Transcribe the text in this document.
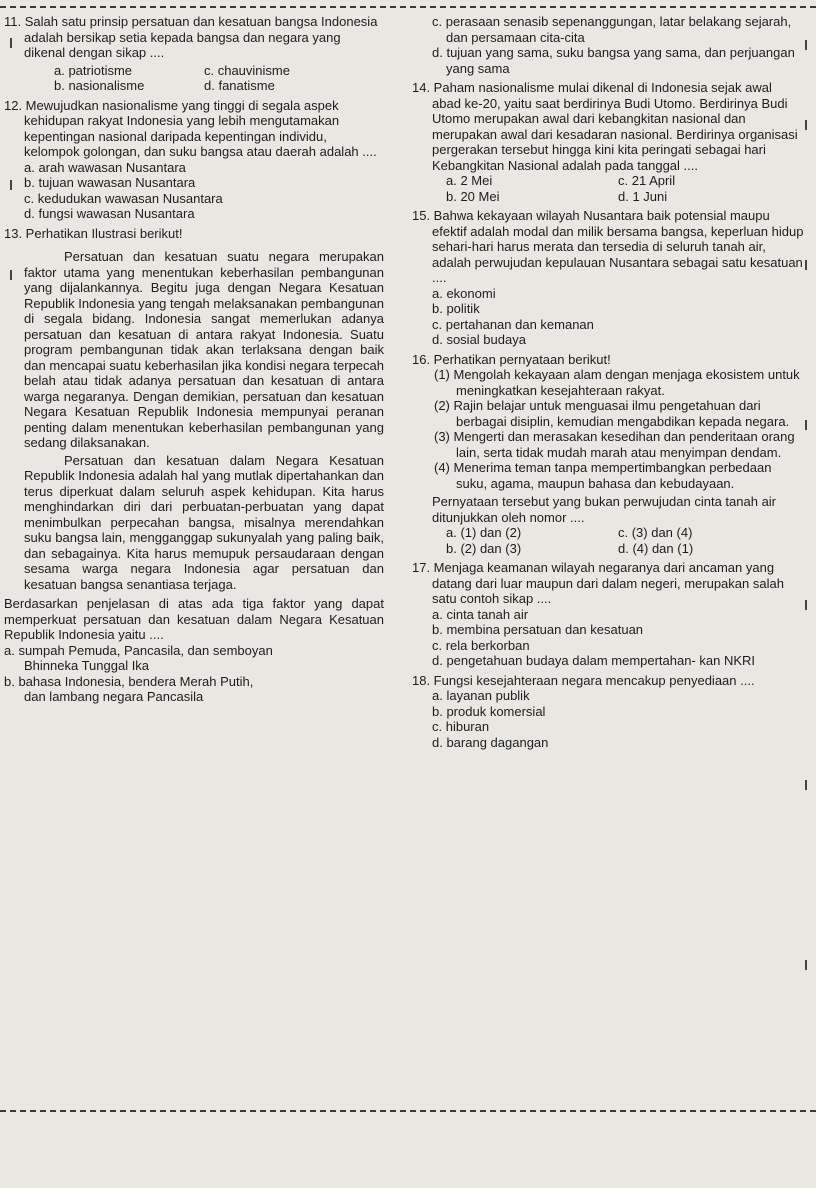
11. Salah satu prinsip persatuan dan kesatuan bangsa Indonesia adalah bersikap setia kepada bangsa dan negara yang dikenal dengan sikap ....
a. patriotisme	c. chauvinisme
b. nasionalisme	d. fanatisme
12. Mewujudkan nasionalisme yang tinggi di segala aspek kehidupan rakyat Indonesia yang lebih mengutamakan kepentingan nasional daripada kepentingan individu, kelompok golongan, dan suku bangsa atau daerah adalah ....
a. arah wawasan Nusantara
b. tujuan wawasan Nusantara
c. kedudukan wawasan Nusantara
d. fungsi wawasan Nusantara
13. Perhatikan Ilustrasi berikut!

Persatuan dan kesatuan suatu negara merupakan faktor utama yang menentukan keberhasilan pembangunan yang dijalankannya. Begitu juga dengan Negara Kesatuan Republik Indonesia yang tengah melaksanakan pembangunan di segala bidang. Indonesia sangat memerlukan adanya persatuan dan kesatuan di antara rakyat Indonesia. Suatu program pembangunan tidak akan terlaksana dengan baik dan mencapai suatu keberhasilan jika kondisi negara terpecah belah atau tidak adanya persatuan dan kesatuan di antara warga negaranya. Dengan demikian, persatuan dan kesatuan Negara Kesatuan Republik Indonesia mempunyai peranan penting dalam menentukan keberhasilan pembangunan yang sedang dilaksanakan.

Persatuan dan kesatuan dalam Negara Kesatuan Republik Indonesia adalah hal yang mutlak dipertahankan dan terus diperkuat dalam seluruh aspek kehidupan. Kita harus menghindarkan diri dari perbuatan-perbuatan yang dapat menimbulkan perpecahan bangsa, misalnya merendahkan suku bangsa lain, mengganggap sukunyalah yang paling baik, dan sebagainya. Kita harus memupuk persaudaraan dengan sesama warga negara Indonesia agar persatuan dan kesatuan bangsa senantiasa terjaga.

Berdasarkan penjelasan di atas ada tiga faktor yang dapat memperkuat persatuan dan kesatuan dalam Negara Kesatuan Republik Indonesia yaitu ....
a. sumpah Pemuda, Pancasila, dan semboyan
Bhinneka Tunggal Ika
b. bahasa Indonesia, bendera Merah Putih,
dan lambang negara Pancasila
c. perasaan senasib sepenanggungan, latar belakang sejarah, dan persamaan cita-cita
d. tujuan yang sama, suku bangsa yang sama, dan perjuangan yang sama
14. Paham nasionalisme mulai dikenal di Indonesia sejak awal abad ke-20, yaitu saat berdirinya Budi Utomo. Berdirinya Budi Utomo merupakan awal dari kebangkitan nasional dan merupakan awal dari kesadaran nasional. Berdirinya organisasi pergerakan tersebut hingga kini kita peringati sebagai hari Kebangkitan Nasional adalah pada tanggal ....
a. 2 Mei	c. 21 April
b. 20 Mei	d. 1 Juni
15. Bahwa kekayaan wilayah Nusantara baik potensial maupu efektif adalah modal dan milik bersama bangsa, keperluan hidup sehari-hari harus merata dan tersedia di seluruh tanah air, adalah perwujudan kepulauan Nusantara sebagai satu kesatuan ....
a. ekonomi
b. politik
c. pertahanan dan kemanan
d. sosial budaya
16. Perhatikan pernyataan berikut!
(1) Mengolah kekayaan alam dengan menjaga ekosistem untuk meningkatkan kesejahteraan rakyat.
(2) Rajin belajar untuk menguasai ilmu pengetahuan dari berbagai disiplin, kemudian mengabdikan kepada negara.
(3) Mengerti dan merasakan kesedihan dan penderitaan orang lain, serta tidak mudah marah atau menyimpan dendam.
(4) Menerima teman tanpa mempertimbangkan perbedaan suku, agama, maupun bahasa dan kebudayaan.
Pernyataan tersebut yang bukan perwujudan cinta tanah air ditunjukkan oleh nomor ....
a. (1) dan (2)	c. (3) dan (4)
b. (2) dan (3)	d. (4) dan (1)
17. Menjaga keamanan wilayah negaranya dari ancaman yang datang dari luar maupun dari dalam negeri, merupakan salah satu contoh sikap ....
a. cinta tanah air
b. membina persatuan dan kesatuan
c. rela berkorban
d. pengetahuan budaya dalam mempertahan- kan NKRI
18. Fungsi kesejahteraan negara mencakup penyediaan ....
a. layanan publik
b. produk komersial
c. hiburan
d. barang dagangan
